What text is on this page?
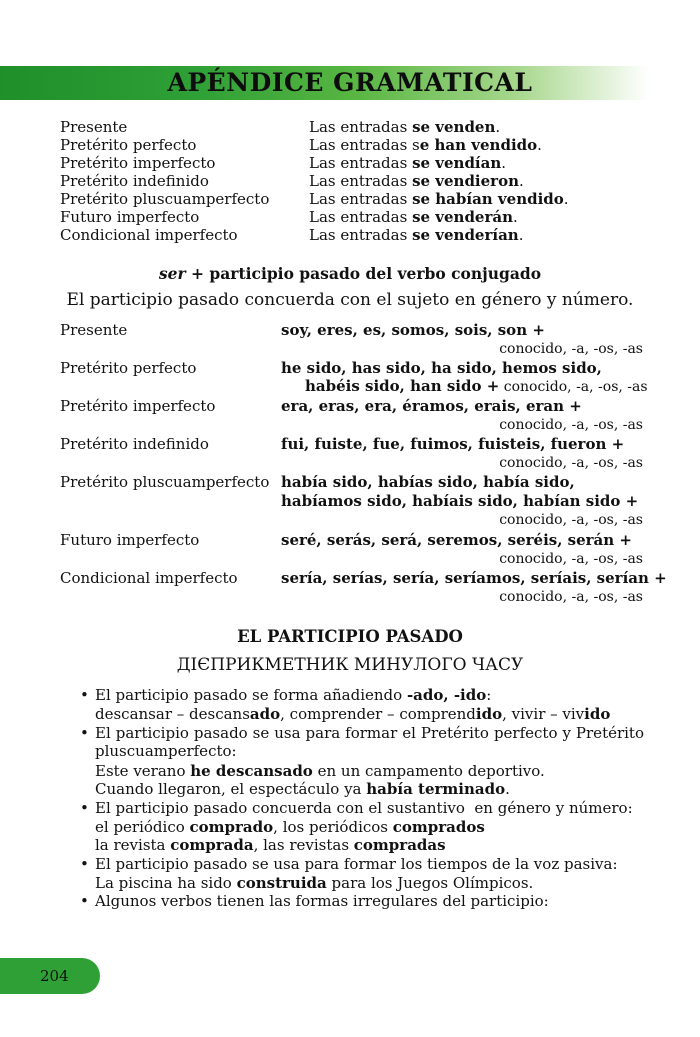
APÉNDICE GRAMATICAL
Presente	Las entradas se venden.
Pretérito perfecto	Las entradas se han vendido.
Pretérito imperfecto	Las entradas se vendían.
Pretérito indefinido	Las entradas se vendieron.
Pretérito pluscuamperfecto	Las entradas se habían vendido.
Futuro imperfecto	Las entradas se venderán.
Condicional imperfecto	Las entradas se venderían.
ser + participio pasado del verbo conjugado
El participio pasado concuerda con el sujeto en género y número.
Presente	soy, eres, es, somos, sois, son +
conocido, -a, -os, -as
Pretérito perfecto	he sido, has sido, ha sido, hemos sido,
habéis sido, han sido + conocido, -a, -os, -as
Pretérito imperfecto	era, eras, era, éramos, erais, eran +
conocido, -a, -os, -as
Pretérito indefinido	fui, fuiste, fue, fuimos, fuisteis, fueron +
conocido, -a, -os, -as
Pretérito pluscuamperfecto había sido, habías sido, había sido,
habíamos sido, habíais sido, habían sido +
conocido, -a, -os, -as
Futuro imperfecto	seré, serás, será, seremos, seréis, serán +
conocido, -a, -os, -as
Condicional imperfecto	sería, serías, sería, seríamos, seríais, serían +
conocido, -a, -os, -as
EL PARTICIPIO PASADO
ДІЄПРИКМЕТНИК МИНУЛОГО ЧАСУ
• El participio pasado se forma añadiendo -ado, -ido:
descansar – descansado, comprender – comprendido, vivir – vivido
• El participio pasado se usa para formar el Pretérito perfecto y Pretérito
pluscuamperfecto:
Este verano he descansado en un campamento deportivo.
Cuando llegaron, el espectáculo ya había terminado.
• El participio pasado concuerda con el sustantivo  en género y número:
el periódico comprado, los periódicos comprados
la revista comprada, las revistas compradas
• El participio pasado se usa para formar los tiempos de la voz pasiva:
La piscina ha sido construida para los Juegos Olímpicos.
• Algunos verbos tienen las formas irregulares del participio:
204
